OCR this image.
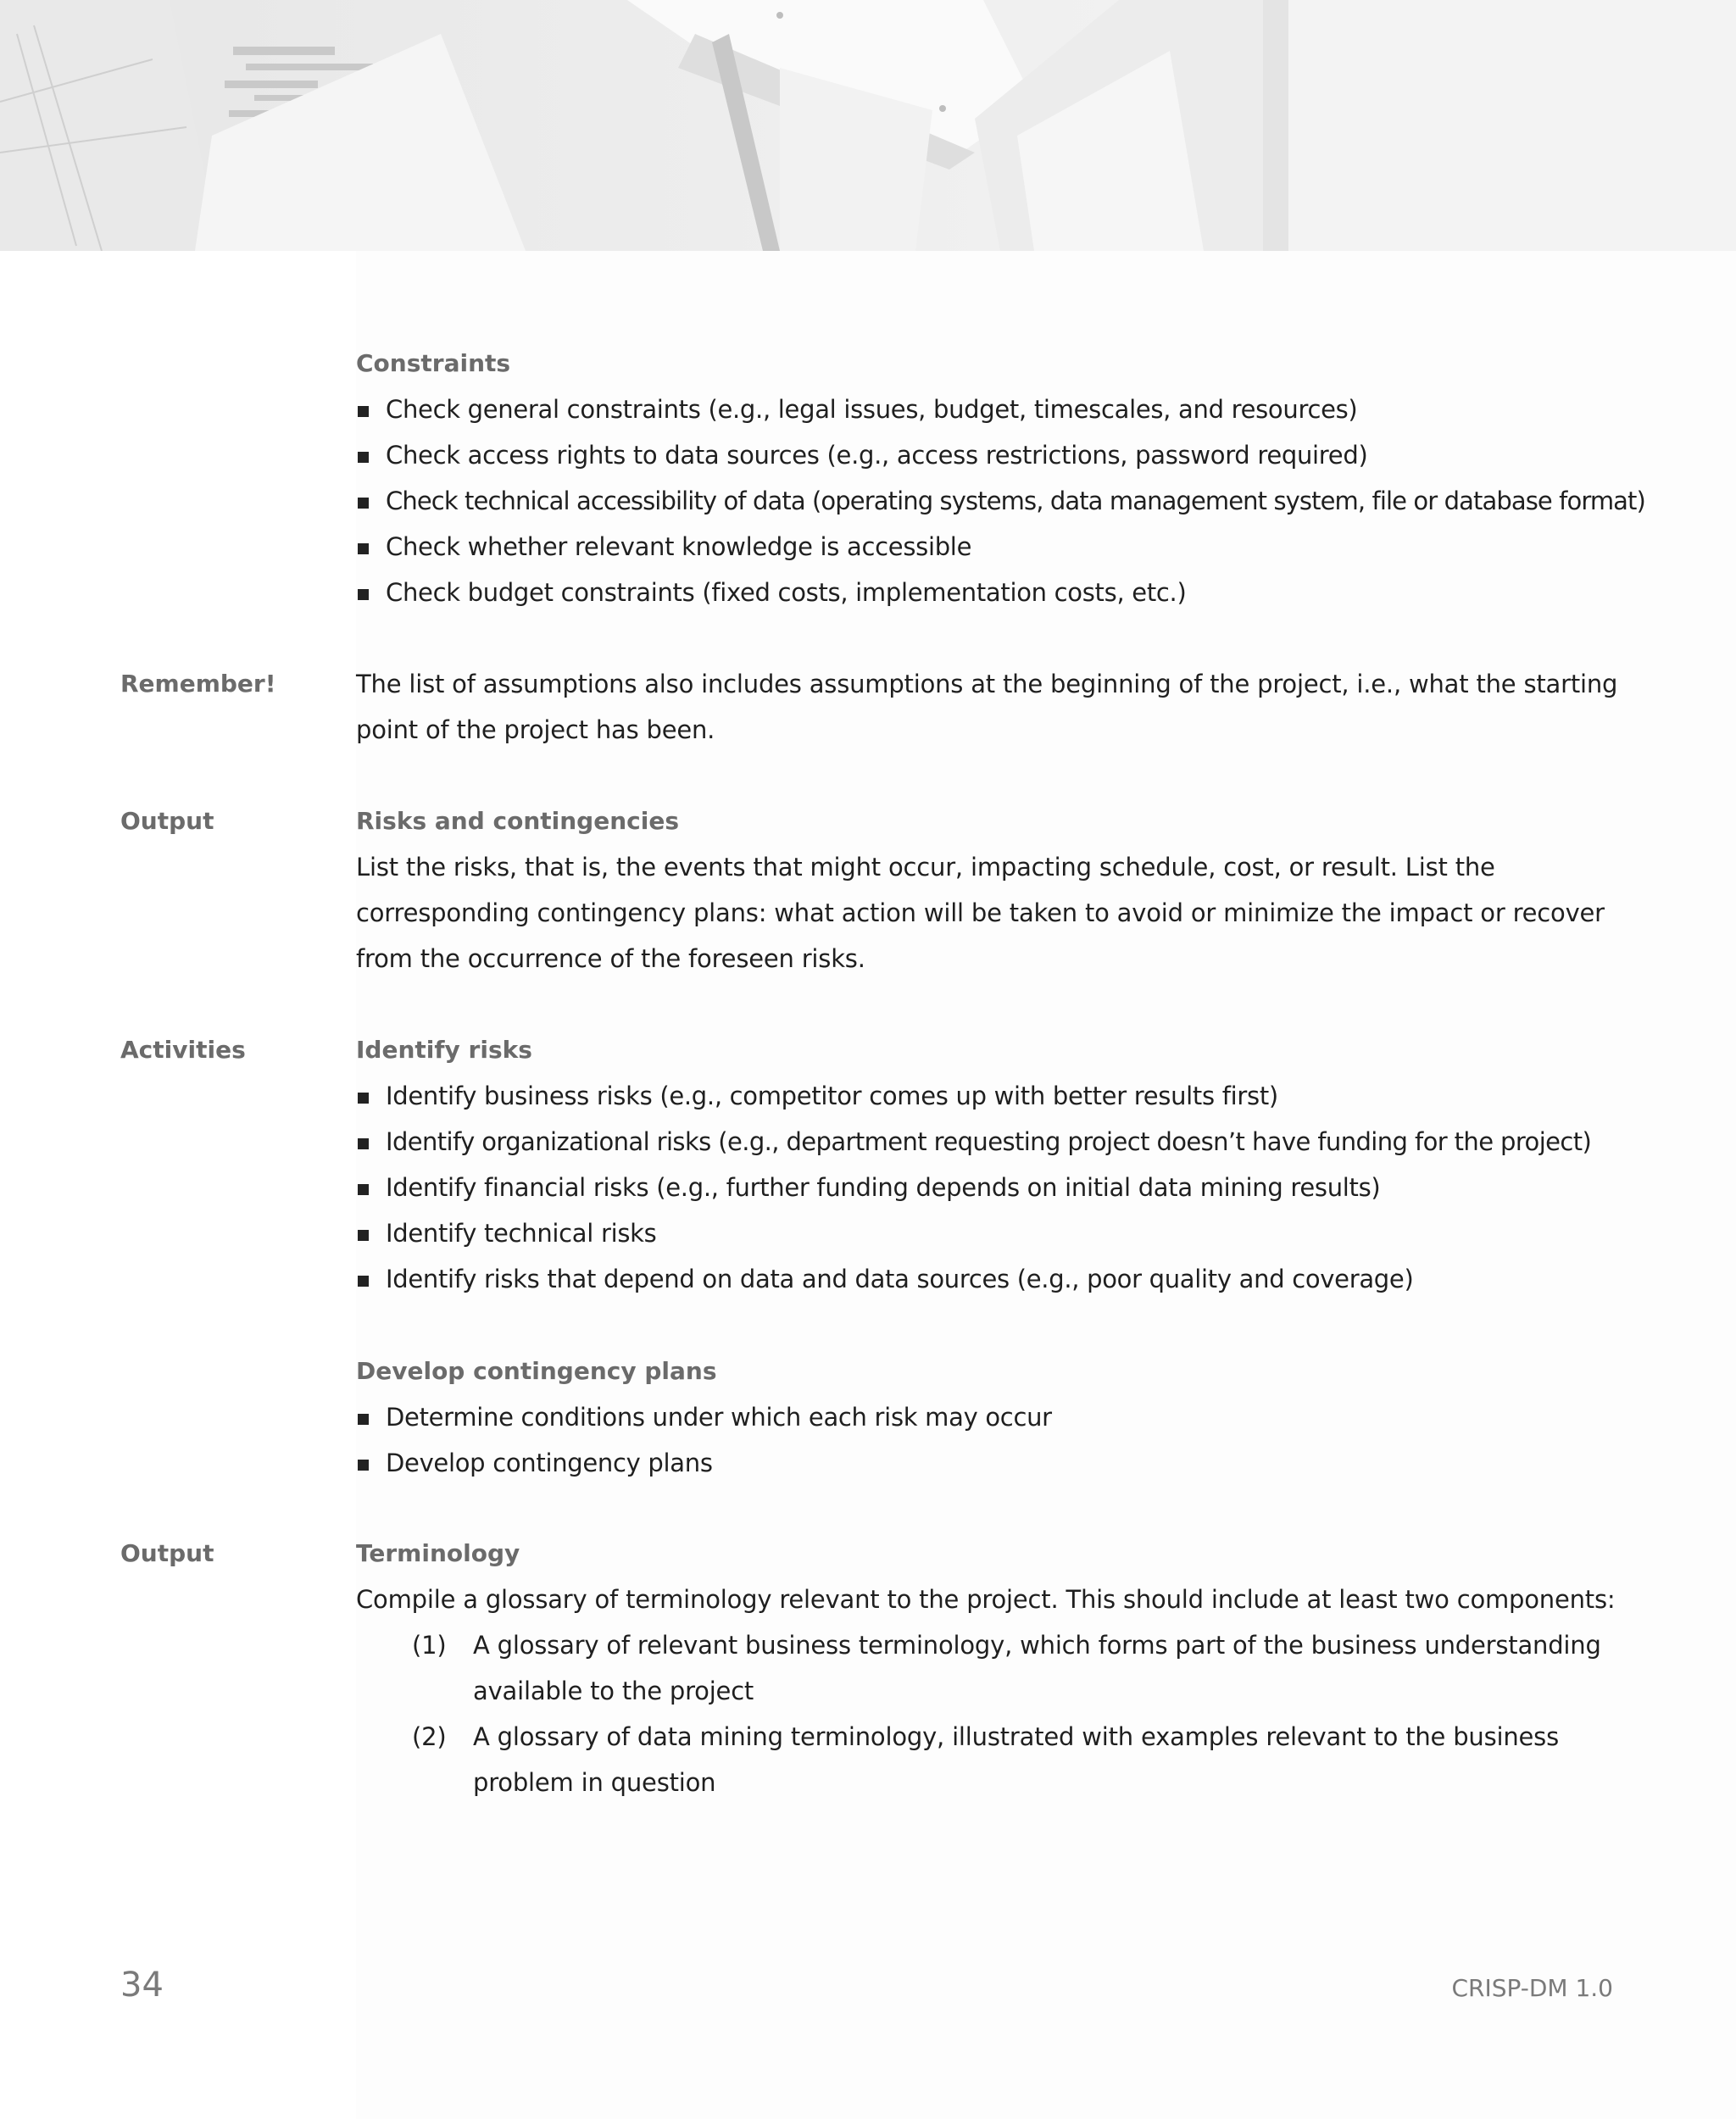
Constraints
Check general constraints (e.g., legal issues, budget, timescales, and resources)
Check access rights to data sources (e.g., access restrictions, password required)
Check technical accessibility of data (operating systems, data management system, file or database format)
Check whether relevant knowledge is accessible
Check budget constraints (fixed costs, implementation costs, etc.)
Remember!	The list of assumptions also includes assumptions at the beginning of the project, i.e., what the starting point of the project has been.
Output	Risks and contingencies
List the risks, that is, the events that might occur, impacting schedule, cost, or result. List the corresponding contingency plans: what action will be taken to avoid or minimize the impact or recover from the occurrence of the foreseen risks.
Activities	Identify risks
Identify business risks (e.g., competitor comes up with better results first)
Identify organizational risks (e.g., department requesting project doesn’t have funding for the project)
Identify financial risks (e.g., further funding depends on initial data mining results)
Identify technical risks
Identify risks that depend on data and data sources (e.g., poor quality and coverage)
Develop contingency plans
Determine conditions under which each risk may occur
Develop contingency plans
Output	Terminology
Compile a glossary of terminology relevant to the project. This should include at least two components:
(1) A glossary of relevant business terminology, which forms part of the business understanding available to the project
(2) A glossary of data mining terminology, illustrated with examples relevant to the business problem in question
34	CRISP-DM 1.0
